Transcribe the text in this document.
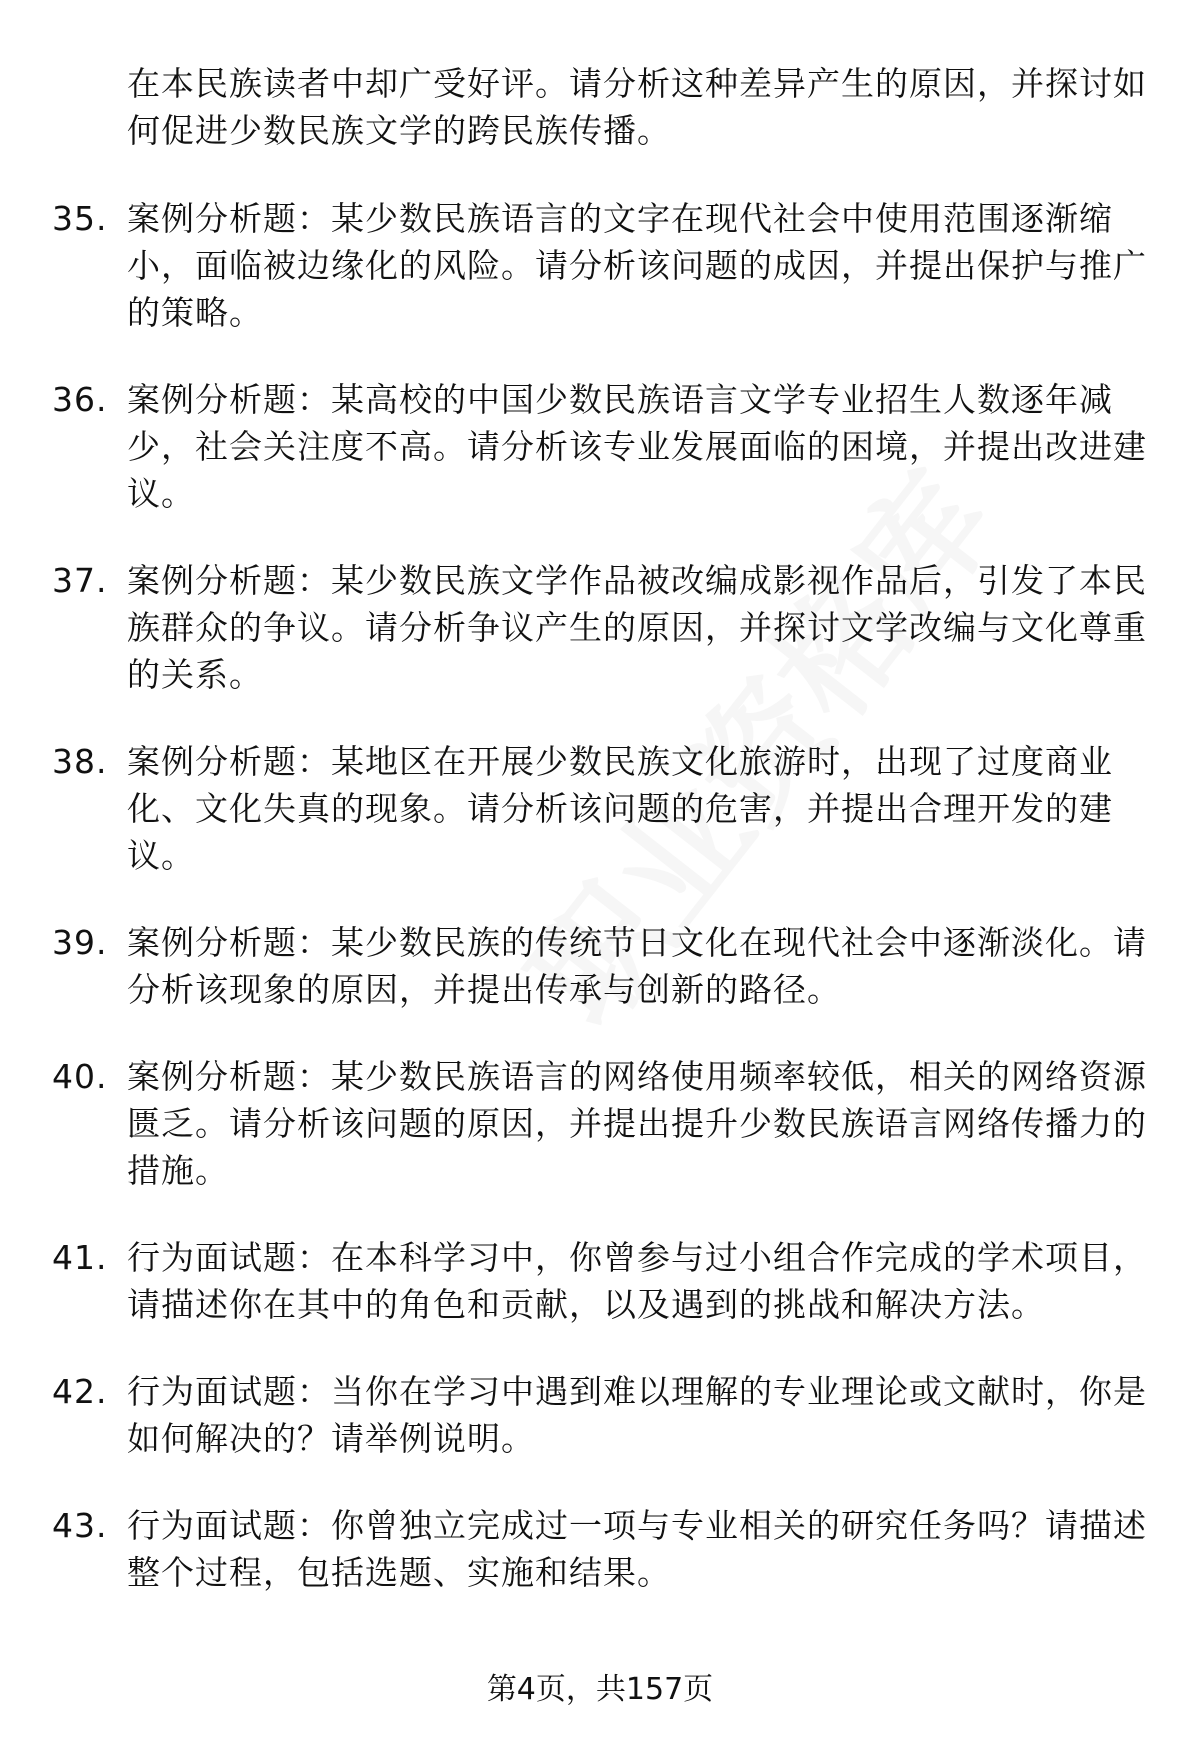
在本民族读者中却广受好评。请分析这种差异产生的原因，并探讨如何促进少数民族文学的跨民族传播。

35. 案例分析题：某少数民族语言的文字在现代社会中使用范围逐渐缩小，面临被边缘化的风险。请分析该问题的成因，并提出保护与推广的策略。
36. 案例分析题：某高校的中国少数民族语言文学专业招生人数逐年减少，社会关注度不高。请分析该专业发展面临的困境，并提出改进建议。
37. 案例分析题：某少数民族文学作品被改编成影视作品后，引发了本民族群众的争议。请分析争议产生的原因，并探讨文学改编与文化尊重的关系。
38. 案例分析题：某地区在开展少数民族文化旅游时，出现了过度商业化、文化失真的现象。请分析该问题的危害，并提出合理开发的建议。
39. 案例分析题：某少数民族的传统节日文化在现代社会中逐渐淡化。请分析该现象的原因，并提出传承与创新的路径。
40. 案例分析题：某少数民族语言的网络使用频率较低，相关的网络资源匮乏。请分析该问题的原因，并提出提升少数民族语言网络传播力的措施。
41. 行为面试题：在本科学习中，你曾参与过小组合作完成的学术项目，请描述你在其中的角色和贡献，以及遇到的挑战和解决方法。
42. 行为面试题：当你在学习中遇到难以理解的专业理论或文献时，你是如何解决的？请举例说明。
43. 行为面试题：你曾独立完成过一项与专业相关的研究任务吗？请描述整个过程，包括选题、实施和结果。
第4页，共157页
